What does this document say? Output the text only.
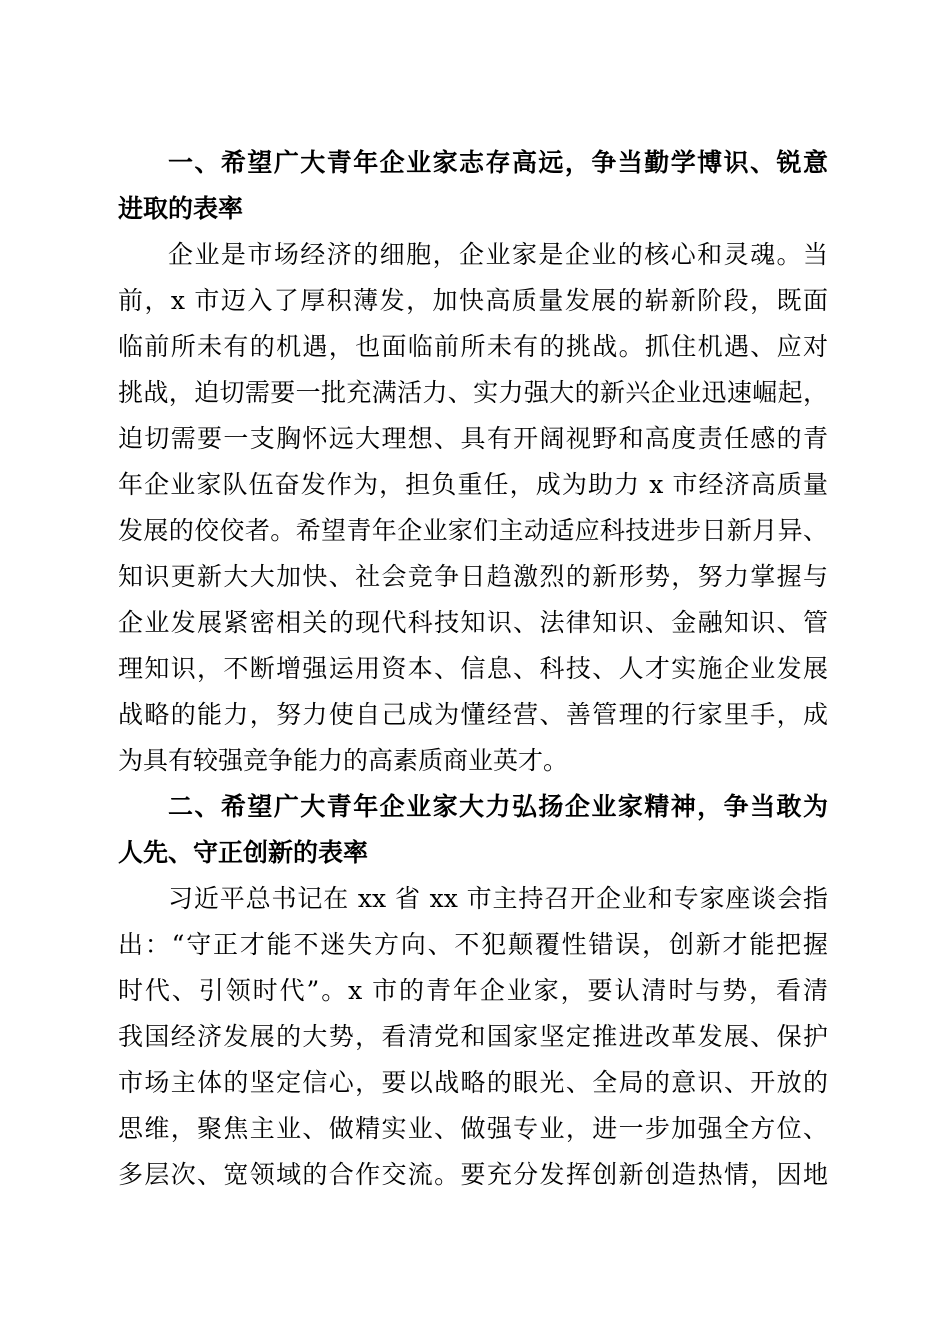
一、希望广大青年企业家志存高远，争当勤学博识、锐意
进取的表率
企业是市场经济的细胞，企业家是企业的核心和灵魂。当
前，x 市迈入了厚积薄发，加快高质量发展的崭新阶段，既面
临前所未有的机遇，也面临前所未有的挑战。抓住机遇、应对
挑战，迫切需要一批充满活力、实力强大的新兴企业迅速崛起，
迫切需要一支胸怀远大理想、具有开阔视野和高度责任感的青
年企业家队伍奋发作为，担负重任，成为助力 x 市经济高质量
发展的佼佼者。希望青年企业家们主动适应科技进步日新月异、
知识更新大大加快、社会竞争日趋激烈的新形势，努力掌握与
企业发展紧密相关的现代科技知识、法律知识、金融知识、管
理知识，不断增强运用资本、信息、科技、人才实施企业发展
战略的能力，努力使自己成为懂经营、善管理的行家里手，成
为具有较强竞争能力的高素质商业英才。
二、希望广大青年企业家大力弘扬企业家精神，争当敢为
人先、守正创新的表率
习近平总书记在 xx 省 xx 市主持召开企业和专家座谈会指
出：“守正才能不迷失方向、不犯颠覆性错误，创新才能把握
时代、引领时代”。x 市的青年企业家，要认清时与势，看清
我国经济发展的大势，看清党和国家坚定推进改革发展、保护
市场主体的坚定信心，要以战略的眼光、全局的意识、开放的
思维，聚焦主业、做精实业、做强专业，进一步加强全方位、
多层次、宽领域的合作交流。要充分发挥创新创造热情，因地
